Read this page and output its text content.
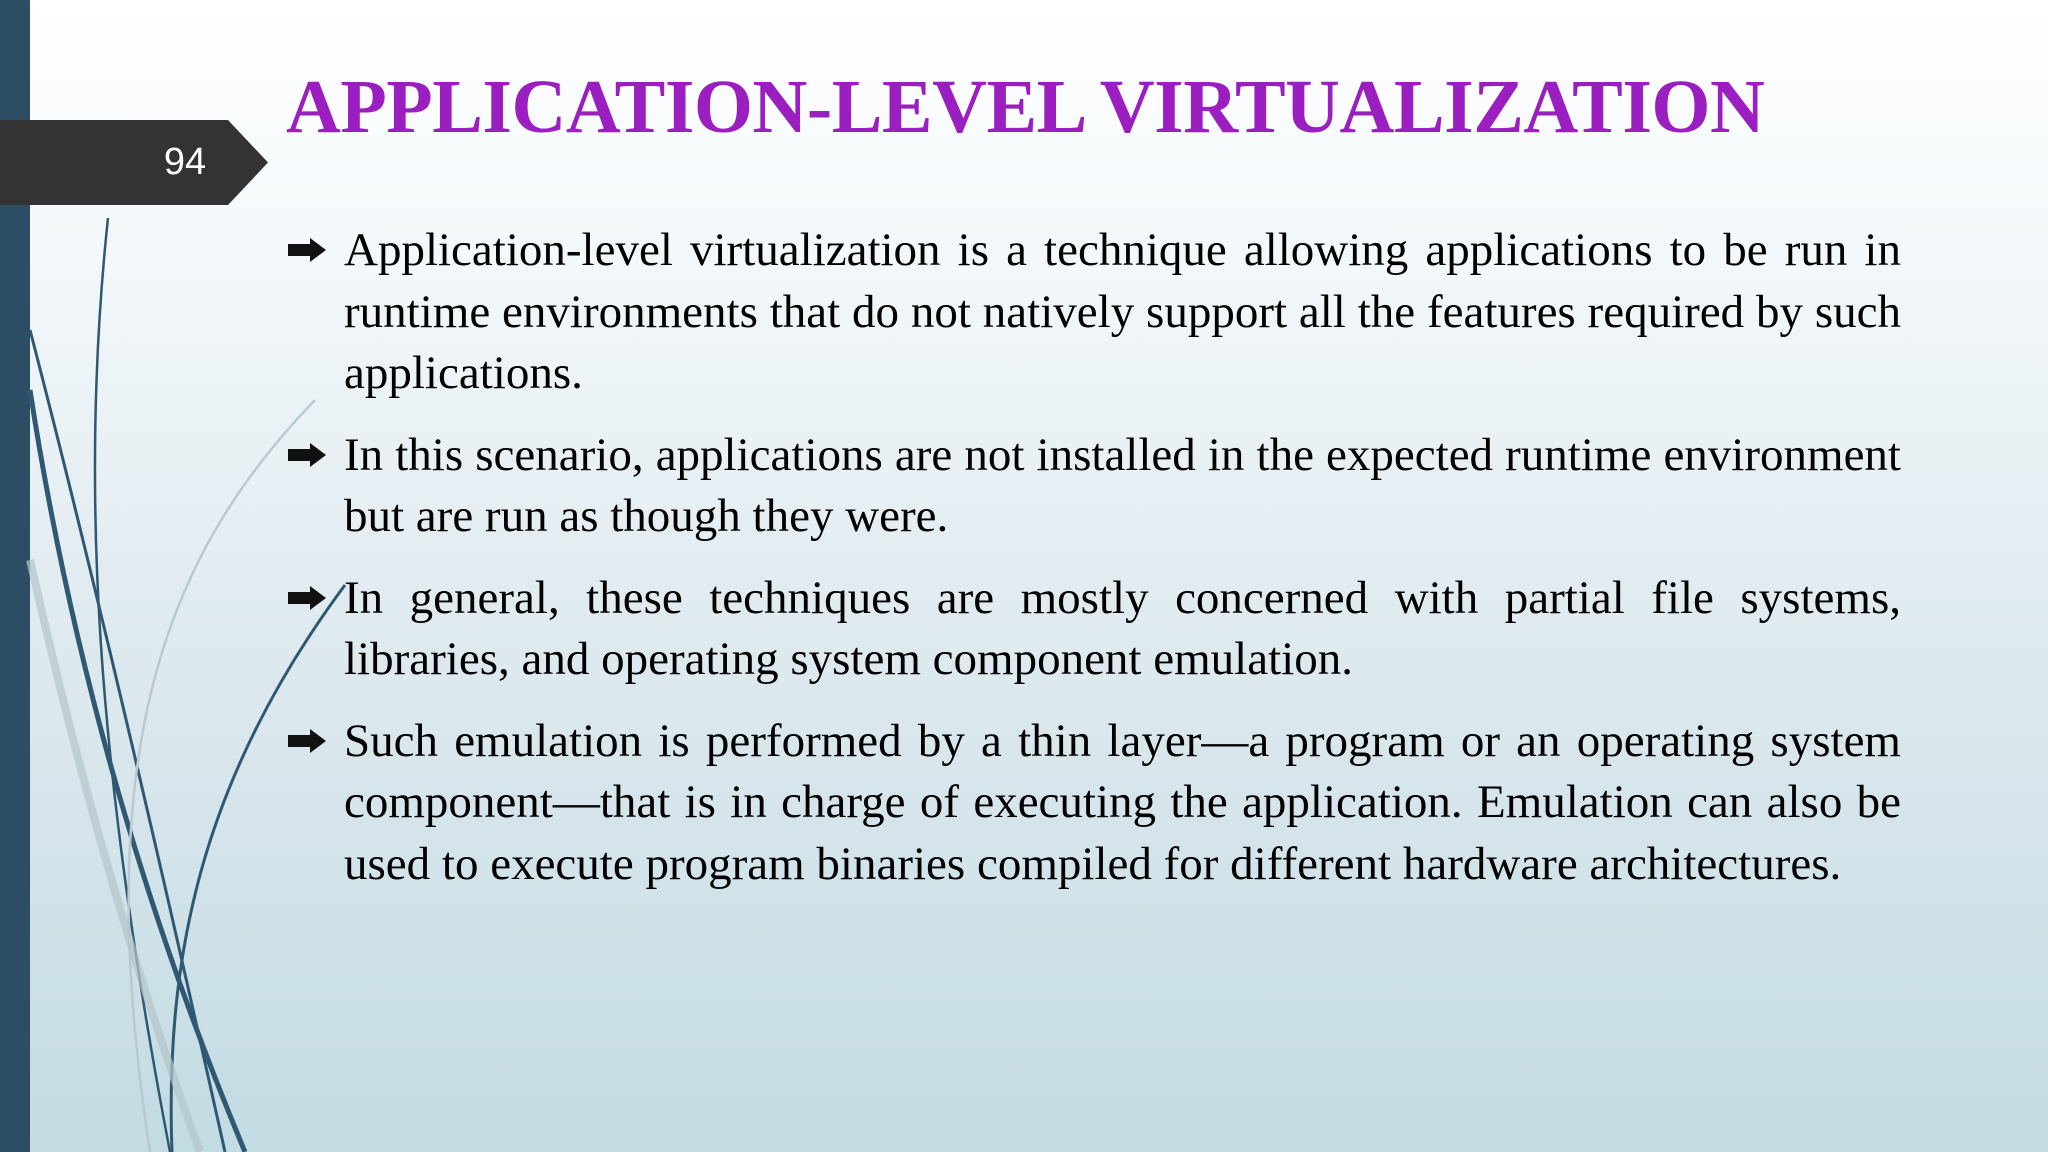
94
APPLICATION-LEVEL VIRTUALIZATION
Application-level virtualization is a technique allowing applications to be run in runtime environments that do not natively support all the features required by such applications.
In this scenario, applications are not installed in the expected runtime environment but are run as though they were.
In general, these techniques are mostly concerned with partial file systems, libraries, and operating system component emulation.
Such emulation is performed by a thin layer—a program or an operating system component—that is in charge of executing the application. Emulation can also be used to execute program binaries compiled for different hardware architectures.
